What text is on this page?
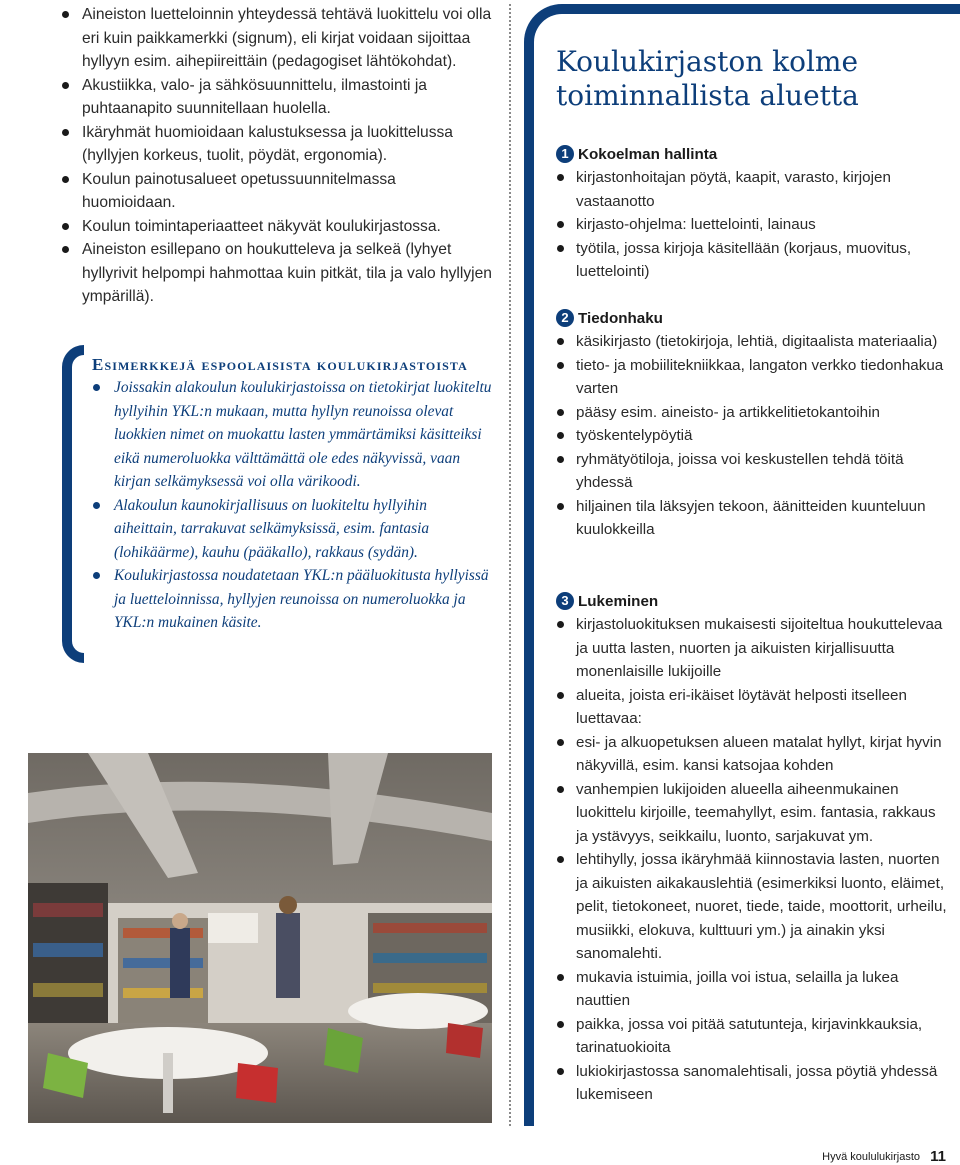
Aineiston luetteloinnin yhteydessä tehtävä luokittelu voi olla eri kuin paikkamerkki (signum), eli kirjat voidaan sijoittaa hyllyyn esim. aihepiireittäin (pedagogiset lähtökohdat).
Akustiikka, valo- ja sähkösuunnittelu, ilmastointi ja puhtaanapito suunnitellaan huolella.
Ikäryhmät huomioidaan kalustuksessa ja luokittelussa (hyllyjen korkeus, tuolit, pöydät, ergonomia).
Koulun painotusalueet opetussuunnitelmassa huomioidaan.
Koulun toimintaperiaatteet näkyvät koulukirjastossa.
Aineiston esillepano on houkutteleva ja selkeä (lyhyet hyllyrivit helpompi hahmottaa kuin pitkät, tila ja valo hyllyjen ympärillä).
Esimerkkejä espoolaisista koulukirjastoista
Joissakin alakoulun koulukirjastoissa on tietokirjat luokiteltu hyllyihin YKL:n mukaan, mutta hyllyn reunoissa olevat luokkien nimet on muokattu lasten ymmärtämiksi käsitteiksi eikä numeroluokka välttämättä ole edes näkyvissä, vaan kirjan selkämyksessä voi olla värikoodi.
Alakoulun kaunokirjallisuus on luokiteltu hyllyihin aiheittain, tarrakuvat selkämyksissä, esim. fantasia (lohikäärme), kauhu (pääkallo), rakkaus (sydän).
Koulukirjastossa noudatetaan YKL:n pääluokitusta hyllyissä ja luetteloinnissa, hyllyjen reunoissa on numeroluokka ja YKL:n mukainen käsite.
Koulukirjaston kolme toiminnallista aluetta
1 Kokoelman hallinta
kirjastonhoitajan pöytä, kaapit, varasto, kirjojen vastaanotto
kirjasto-ohjelma: luettelointi, lainaus
työtila, jossa kirjoja käsitellään (korjaus, muovitus, luettelointi)
2 Tiedonhaku
käsikirjasto (tietokirjoja, lehtiä, digitaalista materiaalia)
tieto- ja mobiilitekniikkaa, langaton verkko tiedonhakua varten
pääsy esim. aineisto- ja artikkelitietokantoihin
työskentelypöytiä
ryhmätyötiloja, joissa voi keskustellen tehdä töitä yhdessä
hiljainen tila läksyjen tekoon, äänitteiden kuunteluun kuulokkeilla
3 Lukeminen
kirjastoluokituksen mukaisesti sijoiteltua houkuttelevaa ja uutta lasten, nuorten ja aikuisten kirjallisuutta monenlaisille lukijoille
alueita, joista eri-ikäiset löytävät helposti itselleen luettavaa:
esi- ja alkuopetuksen alueen matalat hyllyt, kirjat hyvin näkyvillä, esim. kansi katsojaa kohden
vanhempien lukijoiden alueella aiheenmukainen luokittelu kirjoille, teemahyllyt, esim. fantasia, rakkaus ja ystävyys, seikkailu, luonto, sarjakuvat ym.
lehtihylly, jossa ikäryhmää kiinnostavia lasten, nuorten ja aikuisten aikakauslehtiä (esimerkiksi luonto, eläimet, pelit, tietokoneet, nuoret, tiede, taide, moottorit, urheilu, musiikki, elokuva, kulttuuri ym.) ja ainakin yksi sanomalehti.
mukavia istuimia, joilla voi istua, selailla ja lukea nauttien
paikka, jossa voi pitää satutunteja, kirjavinkkauksia, tarinatuokioita
lukiokirjastossa sanomalehtisali, jossa pöytiä yhdessä lukemiseen
Hyvä koululukirjasto 11
